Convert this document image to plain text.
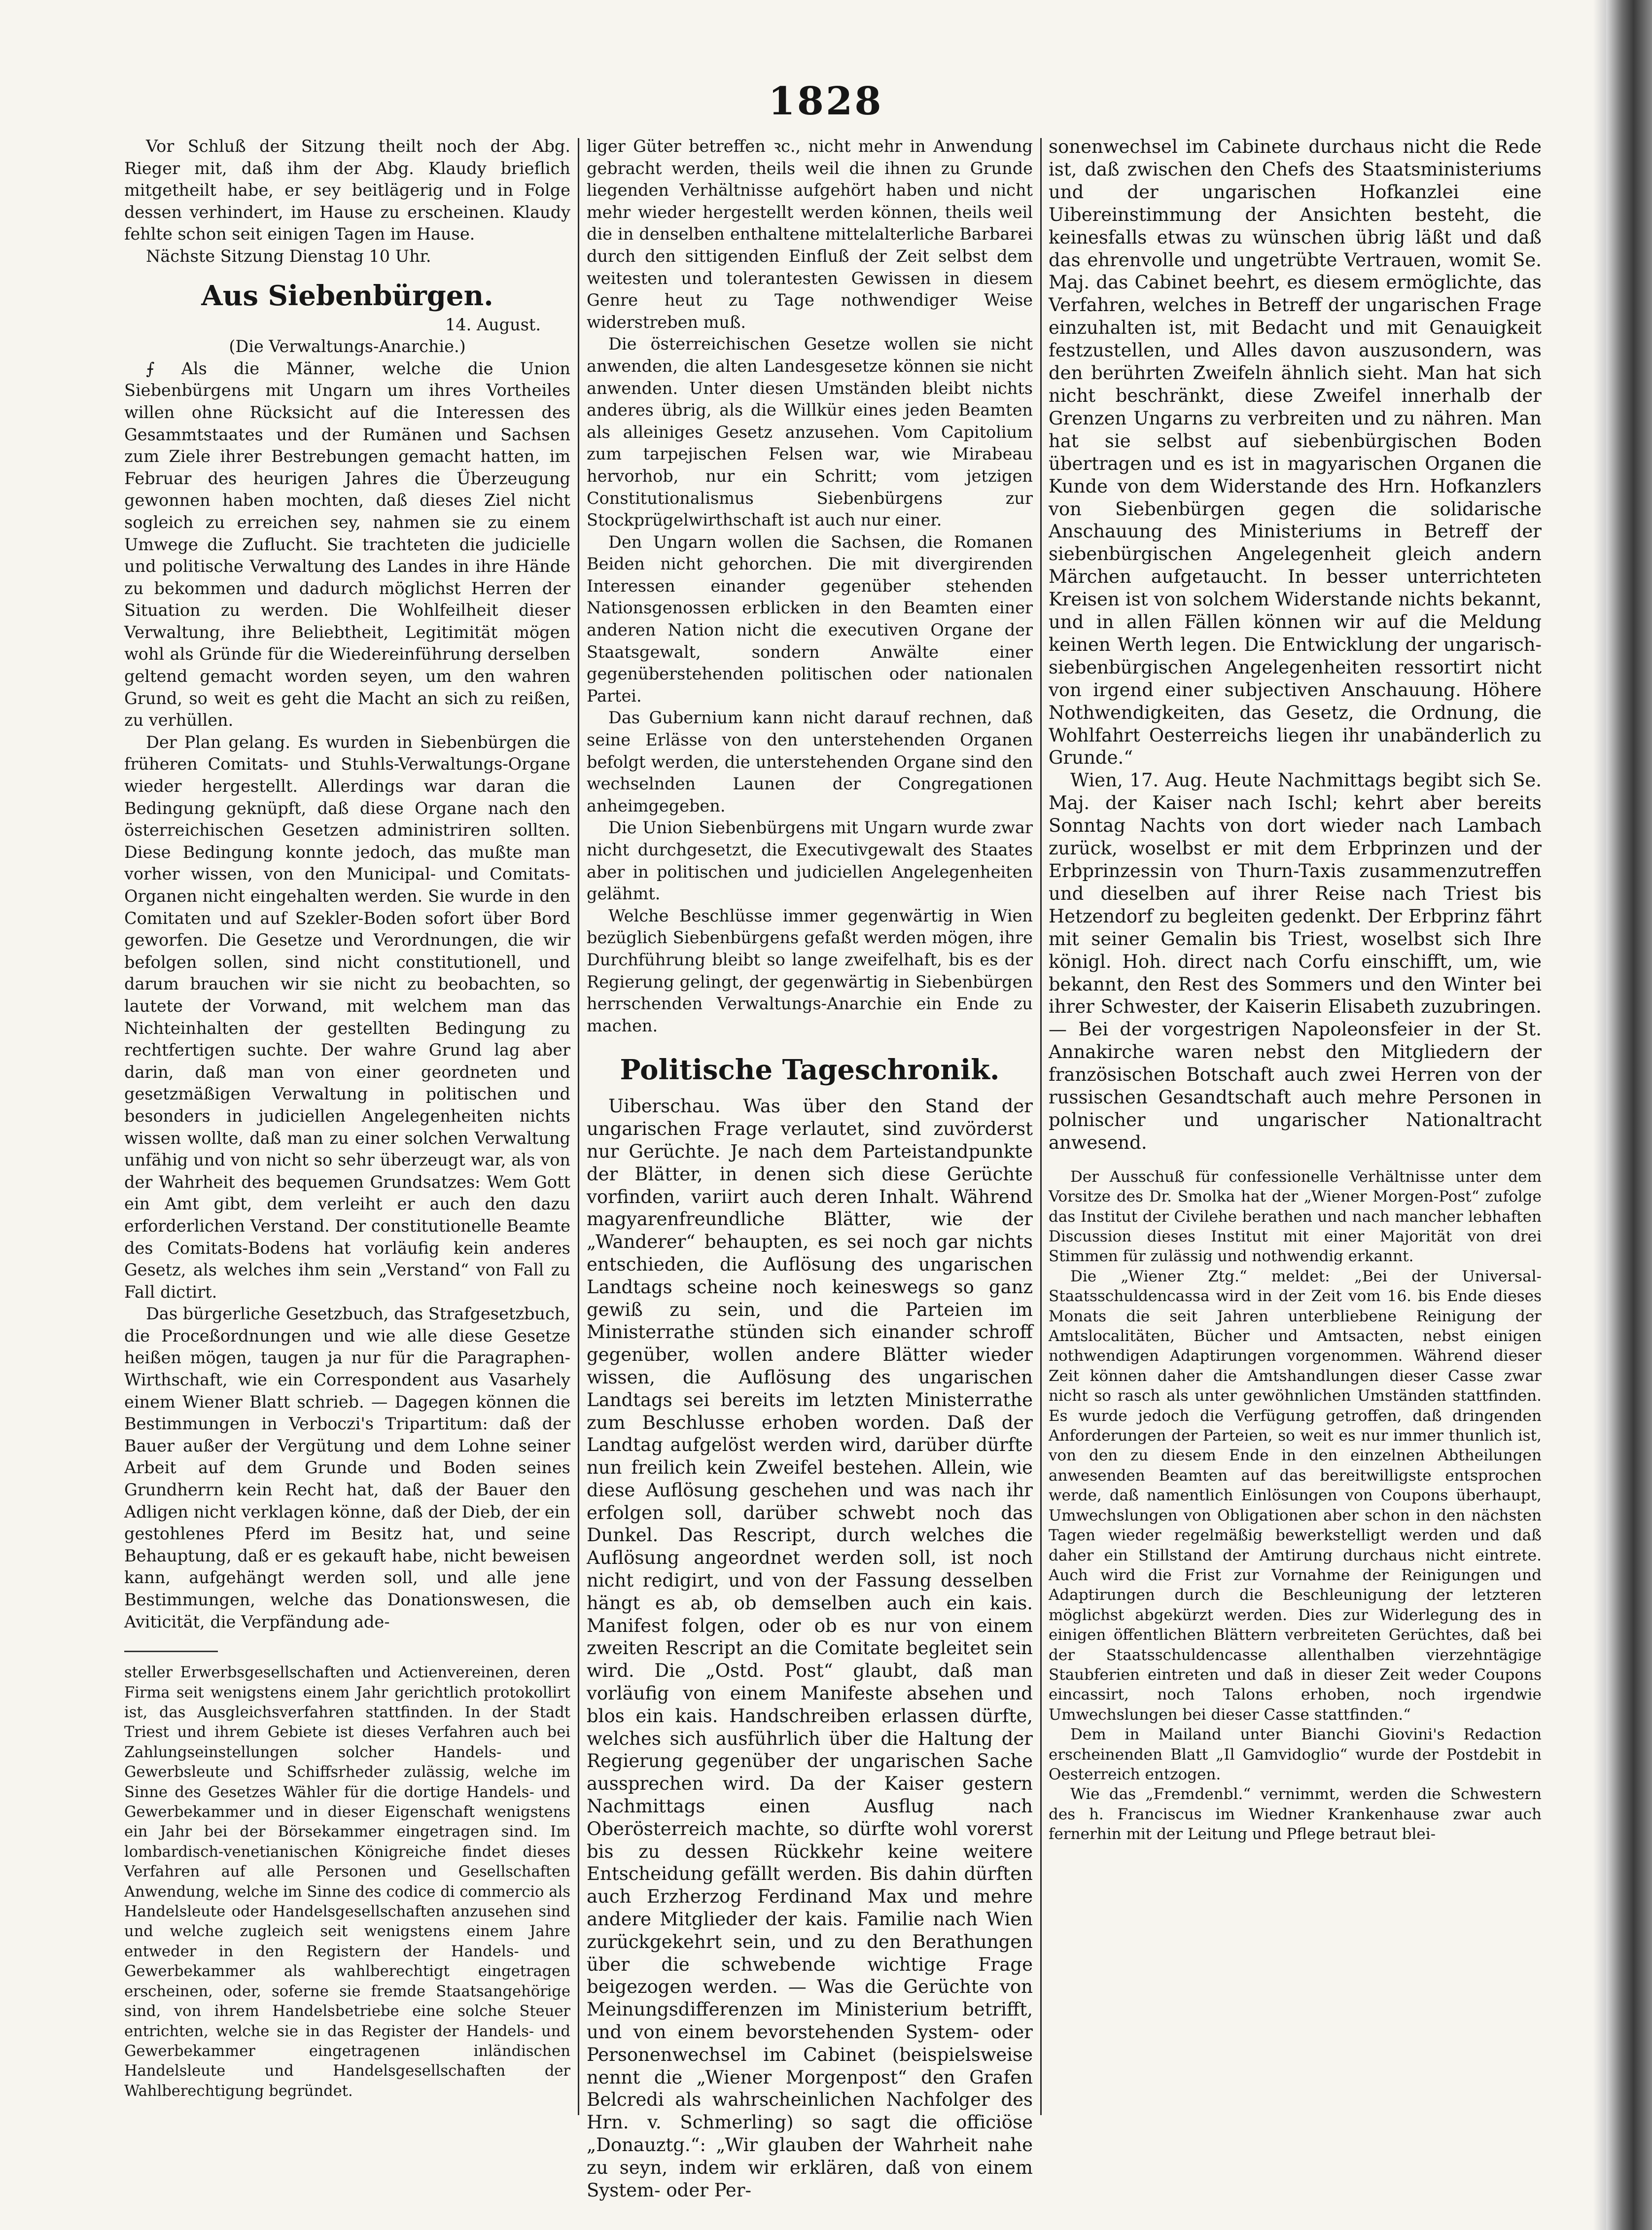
1828

Vor Schluß der Sitzung theilt noch der Abg. Rieger mit, daß ihm der Abg. Klaudy brieflich mitgetheilt habe, er sey beitlägerig und in Folge dessen verhindert, im Hause zu erscheinen. Klaudy fehlte schon seit einigen Tagen im Hause.

Nächste Sitzung Dienstag 10 Uhr.

Aus Siebenbürgen.
14. August.
(Die Verwaltungs-Anarchie.)

⨍ Als die Männer, welche die Union Siebenbürgens mit Ungarn um ihres Vortheiles willen ohne Rücksicht auf die Interessen des Gesammtstaates und der Rumänen und Sachsen zum Ziele ihrer Bestrebungen gemacht hatten, im Februar des heurigen Jahres die Überzeugung gewonnen haben mochten, daß dieses Ziel nicht sogleich zu erreichen sey, nahmen sie zu einem Umwege die Zuflucht. Sie trachteten die judicielle und politische Verwaltung des Landes in ihre Hände zu bekommen und dadurch möglichst Herren der Situation zu werden. Die Wohlfeilheit dieser Verwaltung, ihre Beliebtheit, Legitimität mögen wohl als Gründe für die Wiedereinführung derselben geltend gemacht worden seyen, um den wahren Grund, so weit es geht die Macht an sich zu reißen, zu verhüllen.

Der Plan gelang. Es wurden in Siebenbürgen die früheren Comitats- und Stuhls-Verwaltungs-Organe wieder hergestellt. Allerdings war daran die Bedingung geknüpft, daß diese Organe nach den österreichischen Gesetzen administriren sollten. Diese Bedingung konnte jedoch, das mußte man vorher wissen, von den Municipal- und Comitats-Organen nicht eingehalten werden. Sie wurde in den Comitaten und auf Szekler-Boden sofort über Bord geworfen. Die Gesetze und Verordnungen, die wir befolgen sollen, sind nicht constitutionell, und darum brauchen wir sie nicht zu beobachten, so lautete der Vorwand, mit welchem man das Nichteinhalten der gestellten Bedingung zu rechtfertigen suchte. Der wahre Grund lag aber darin, daß man von einer geordneten und gesetzmäßigen Verwaltung in politischen und besonders in judiciellen Angelegenheiten nichts wissen wollte, daß man zu einer solchen Verwaltung unfähig und von nicht so sehr überzeugt war, als von der Wahrheit des bequemen Grundsatzes: Wem Gott ein Amt gibt, dem verleiht er auch den dazu erforderlichen Verstand. Der constitutionelle Beamte des Comitats-Bodens hat vorläufig kein anderes Gesetz, als welches ihm sein „Verstand“ von Fall zu Fall dictirt.

Das bürgerliche Gesetzbuch, das Strafgesetzbuch, die Proceßordnungen und wie alle diese Gesetze heißen mögen, taugen ja nur für die Paragraphen-Wirthschaft, wie ein Correspondent aus Vasarhely einem Wiener Blatt schrieb. — Dagegen können die Bestimmungen in Verboczi's Tripartitum: daß der Bauer außer der Vergütung und dem Lohne seiner Arbeit auf dem Grunde und Boden seines Grundherrn kein Recht hat, daß der Bauer den Adligen nicht verklagen könne, daß der Dieb, der ein gestohlenes Pferd im Besitz hat, und seine Behauptung, daß er es gekauft habe, nicht beweisen kann, aufgehängt werden soll, und alle jene Bestimmungen, welche das Donationswesen, die Aviticität, die Verpfändung ade-

steller Erwerbsgesellschaften und Actienvereinen, deren Firma seit wenigstens einem Jahr gerichtlich protokollirt ist, das Ausgleichsverfahren stattfinden. In der Stadt Triest und ihrem Gebiete ist dieses Verfahren auch bei Zahlungseinstellungen solcher Handels- und Gewerbsleute und Schiffsrheder zulässig, welche im Sinne des Gesetzes Wähler für die dortige Handels- und Gewerbekammer und in dieser Eigenschaft wenigstens ein Jahr bei der Börsekammer eingetragen sind. Im lombardisch-venetianischen Königreiche findet dieses Verfahren auf alle Personen und Gesellschaften Anwendung, welche im Sinne des codice di commercio als Handelsleute oder Handelsgesellschaften anzusehen sind und welche zugleich seit wenigstens einem Jahre entweder in den Registern der Handels- und Gewerbekammer als wahlberechtigt eingetragen erscheinen, oder, soferne sie fremde Staatsangehörige sind, von ihrem Handelsbetriebe eine solche Steuer entrichten, welche sie in das Register der Handels- und Gewerbekammer eingetragenen inländischen Handelsleute und Handelsgesellschaften der Wahlberechtigung begründet.

liger Güter betreffen ꝛc., nicht mehr in Anwendung gebracht werden, theils weil die ihnen zu Grunde liegenden Verhältnisse aufgehört haben und nicht mehr wieder hergestellt werden können, theils weil die in denselben enthaltene mittelalterliche Barbarei durch den sittigenden Einfluß der Zeit selbst dem weitesten und tolerantesten Gewissen in diesem Genre heut zu Tage nothwendiger Weise widerstreben muß.

Die österreichischen Gesetze wollen sie nicht anwenden, die alten Landesgesetze können sie nicht anwenden. Unter diesen Umständen bleibt nichts anderes übrig, als die Willkür eines jeden Beamten als alleiniges Gesetz anzusehen. Vom Capitolium zum tarpejischen Felsen war, wie Mirabeau hervorhob, nur ein Schritt; vom jetzigen Constitutionalismus Siebenbürgens zur Stockprügelwirthschaft ist auch nur einer.

Den Ungarn wollen die Sachsen, die Romanen Beiden nicht gehorchen. Die mit divergirenden Interessen einander gegenüber stehenden Nationsgenossen erblicken in den Beamten einer anderen Nation nicht die executiven Organe der Staatsgewalt, sondern Anwälte einer gegenüberstehenden politischen oder nationalen Partei.

Das Gubernium kann nicht darauf rechnen, daß seine Erlässe von den unterstehenden Organen befolgt werden, die unterstehenden Organe sind den wechselnden Launen der Congregationen anheimgegeben.

Die Union Siebenbürgens mit Ungarn wurde zwar nicht durchgesetzt, die Executivgewalt des Staates aber in politischen und judiciellen Angelegenheiten gelähmt.

Welche Beschlüsse immer gegenwärtig in Wien bezüglich Siebenbürgens gefaßt werden mögen, ihre Durchführung bleibt so lange zweifelhaft, bis es der Regierung gelingt, der gegenwärtig in Siebenbürgen herrschenden Verwaltungs-Anarchie ein Ende zu machen.

Politische Tageschronik.

Uiberschau. Was über den Stand der ungarischen Frage verlautet, sind zuvörderst nur Gerüchte. Je nach dem Parteistandpunkte der Blätter, in denen sich diese Gerüchte vorfinden, variirt auch deren Inhalt. Während magyarenfreundliche Blätter, wie der „Wanderer“ behaupten, es sei noch gar nichts entschieden, die Auflösung des ungarischen Landtags scheine noch keineswegs so ganz gewiß zu sein, und die Parteien im Ministerrathe stünden sich einander schroff gegenüber, wollen andere Blätter wieder wissen, die Auflösung des ungarischen Landtags sei bereits im letzten Ministerrathe zum Beschlusse erhoben worden. Daß der Landtag aufgelöst werden wird, darüber dürfte nun freilich kein Zweifel bestehen. Allein, wie diese Auflösung geschehen und was nach ihr erfolgen soll, darüber schwebt noch das Dunkel. Das Rescript, durch welches die Auflösung angeordnet werden soll, ist noch nicht redigirt, und von der Fassung desselben hängt es ab, ob demselben auch ein kais. Manifest folgen, oder ob es nur von einem zweiten Rescript an die Comitate begleitet sein wird. Die „Ostd. Post“ glaubt, daß man vorläufig von einem Manifeste absehen und blos ein kais. Handschreiben erlassen dürfte, welches sich ausführlich über die Haltung der Regierung gegenüber der ungarischen Sache aussprechen wird. Da der Kaiser gestern Nachmittags einen Ausflug nach Oberösterreich machte, so dürfte wohl vorerst bis zu dessen Rückkehr keine weitere Entscheidung gefällt werden. Bis dahin dürften auch Erzherzog Ferdinand Max und mehre andere Mitglieder der kais. Familie nach Wien zurückgekehrt sein, und zu den Berathungen über die schwebende wichtige Frage beigezogen werden. — Was die Gerüchte von Meinungsdifferenzen im Ministerium betrifft, und von einem bevorstehenden System- oder Personenwechsel im Cabinet (beispielsweise nennt die „Wiener Morgenpost“ den Grafen Belcredi als wahrscheinlichen Nachfolger des Hrn. v. Schmerling) so sagt die officiöse „Donauztg.“: „Wir glauben der Wahrheit nahe zu seyn, indem wir erklären, daß von einem System- oder Per-

sonenwechsel im Cabinete durchaus nicht die Rede ist, daß zwischen den Chefs des Staatsministeriums und der ungarischen Hofkanzlei eine Uibereinstimmung der Ansichten besteht, die keinesfalls etwas zu wünschen übrig läßt und daß das ehrenvolle und ungetrübte Vertrauen, womit Se. Maj. das Cabinet beehrt, es diesem ermöglichte, das Verfahren, welches in Betreff der ungarischen Frage einzuhalten ist, mit Bedacht und mit Genauigkeit festzustellen, und Alles davon auszusondern, was den berührten Zweifeln ähnlich sieht. Man hat sich nicht beschränkt, diese Zweifel innerhalb der Grenzen Ungarns zu verbreiten und zu nähren. Man hat sie selbst auf siebenbürgischen Boden übertragen und es ist in magyarischen Organen die Kunde von dem Widerstande des Hrn. Hofkanzlers von Siebenbürgen gegen die solidarische Anschauung des Ministeriums in Betreff der siebenbürgischen Angelegenheit gleich andern Märchen aufgetaucht. In besser unterrichteten Kreisen ist von solchem Widerstande nichts bekannt, und in allen Fällen können wir auf die Meldung keinen Werth legen. Die Entwicklung der ungarisch-siebenbürgischen Angelegenheiten ressortirt nicht von irgend einer subjectiven Anschauung. Höhere Nothwendigkeiten, das Gesetz, die Ordnung, die Wohlfahrt Oesterreichs liegen ihr unabänderlich zu Grunde.“

Wien, 17. Aug. Heute Nachmittags begibt sich Se. Maj. der Kaiser nach Ischl; kehrt aber bereits Sonntag Nachts von dort wieder nach Lambach zurück, woselbst er mit dem Erbprinzen und der Erbprinzessin von Thurn-Taxis zusammenzutreffen und dieselben auf ihrer Reise nach Triest bis Hetzendorf zu begleiten gedenkt. Der Erbprinz fährt mit seiner Gemalin bis Triest, woselbst sich Ihre königl. Hoh. direct nach Corfu einschifft, um, wie bekannt, den Rest des Sommers und den Winter bei ihrer Schwester, der Kaiserin Elisabeth zuzubringen. — Bei der vorgestrigen Napoleonsfeier in der St. Annakirche waren nebst den Mitgliedern der französischen Botschaft auch zwei Herren von der russischen Gesandtschaft auch mehre Personen in polnischer und ungarischer Nationaltracht anwesend.

Der Ausschuß für confessionelle Verhältnisse unter dem Vorsitze des Dr. Smolka hat der „Wiener Morgen-Post“ zufolge das Institut der Civilehe berathen und nach mancher lebhaften Discussion dieses Institut mit einer Majorität von drei Stimmen für zulässig und nothwendig erkannt.

Die „Wiener Ztg.“ meldet: „Bei der Universal-Staatsschuldencassa wird in der Zeit vom 16. bis Ende dieses Monats die seit Jahren unterbliebene Reinigung der Amtslocalitäten, Bücher und Amtsacten, nebst einigen nothwendigen Adaptirungen vorgenommen. Während dieser Zeit können daher die Amtshandlungen dieser Casse zwar nicht so rasch als unter gewöhnlichen Umständen stattfinden. Es wurde jedoch die Verfügung getroffen, daß dringenden Anforderungen der Parteien, so weit es nur immer thunlich ist, von den zu diesem Ende in den einzelnen Abtheilungen anwesenden Beamten auf das bereitwilligste entsprochen werde, daß namentlich Einlösungen von Coupons überhaupt, Umwechslungen von Obligationen aber schon in den nächsten Tagen wieder regelmäßig bewerkstelligt werden und daß daher ein Stillstand der Amtirung durchaus nicht eintrete. Auch wird die Frist zur Vornahme der Reinigungen und Adaptirungen durch die Beschleunigung der letzteren möglichst abgekürzt werden. Dies zur Widerlegung des in einigen öffentlichen Blättern verbreiteten Gerüchtes, daß bei der Staatsschuldencasse allenthalben vierzehntägige Staubferien eintreten und daß in dieser Zeit weder Coupons eincassirt, noch Talons erhoben, noch irgendwie Umwechslungen bei dieser Casse stattfinden.“

Dem in Mailand unter Bianchi Giovini's Redaction erscheinenden Blatt „Il Gamvidoglio“ wurde der Postdebit in Oesterreich entzogen.

Wie das „Fremdenbl.“ vernimmt, werden die Schwestern des h. Franciscus im Wiedner Krankenhause zwar auch fernerhin mit der Leitung und Pflege betraut blei-
